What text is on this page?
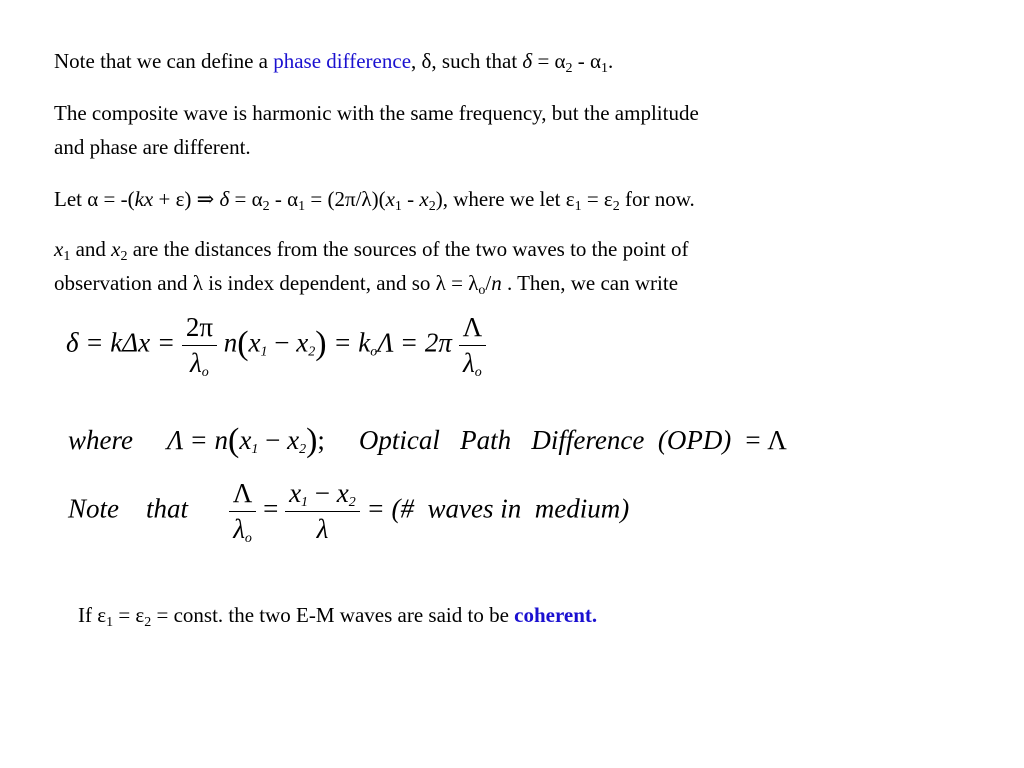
Note that we can define a phase difference, δ, such that $\delta = \alpha_2 - \alpha_1$.
The composite wave is harmonic with the same frequency, but the amplitude
and phase are different.
Let α = -(kx + ε) ⇒ $\delta = \alpha_2 - \alpha_1 = (2\pi/\lambda)(x_1 - x_2)$, where we let $\varepsilon_1 = \varepsilon_2$ for now.
$x_1$ and $x_2$ are the distances from the sources of the two waves to the point of
observation and λ is index dependent, and so $\lambda = \lambda_o/n$ . Then, we can write
$\delta = k\Delta x = \frac{2\pi}{\lambda_o} n(x_1 - x_2) = k_o\Lambda = 2\pi \frac{\Lambda}{\lambda_o}$
where $\Lambda = n(x_1 - x_2)$; Optical   Path   Difference  (OPD) = Λ
Note    that $\frac{\Lambda}{\lambda_o} = \frac{x_1 - x_2}{\lambda}$ = (#  waves in  medium)
If $\varepsilon_1 = \varepsilon_2$ = const. the two E-M waves are said to be coherent.
